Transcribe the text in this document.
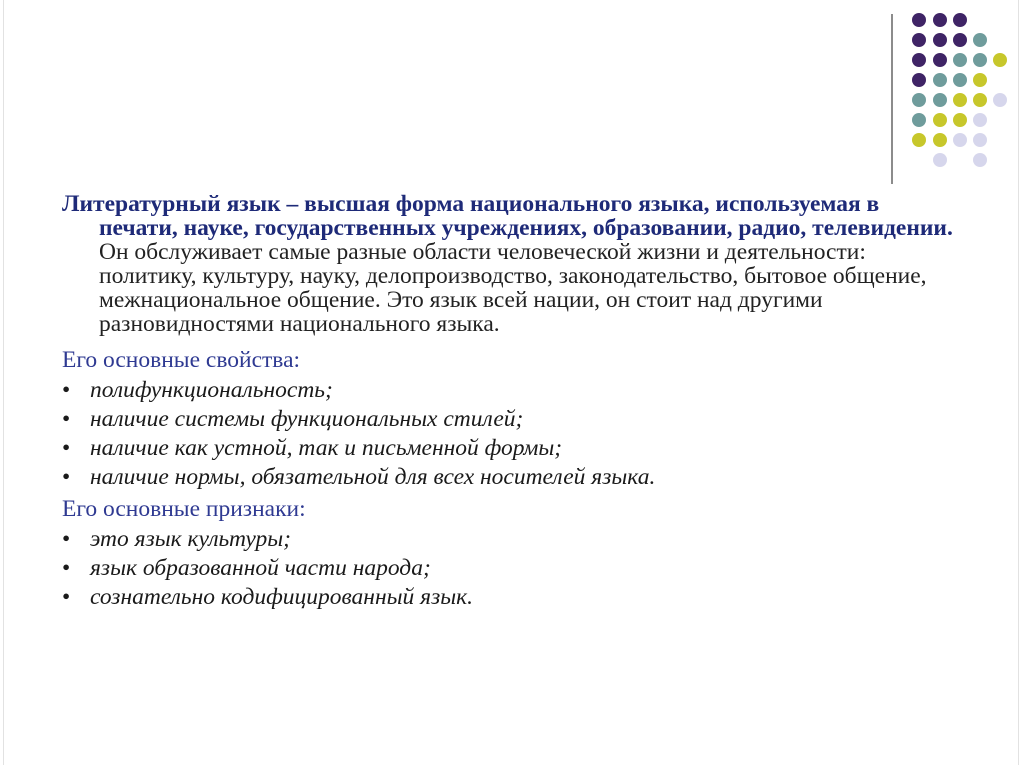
Литературный язык – высшая форма национального языка, используемая в печати, науке, государственных учреждениях, образовании, радио, телевидении. Он обслуживает самые разные области человеческой жизни и деятельности: политику, культуру, науку, делопроизводство, законодательство, бытовое общение, межнациональное общение. Это язык всей нации, он стоит над другими разновидностями национального языка.

Его основные свойства:

• полифункциональность;
• наличие системы функциональных стилей;
• наличие как устной, так и письменной формы;
• наличие нормы, обязательной для всех носителей языка.

Его основные признаки:

• это язык культуры;
• язык образованной части народа;
• сознательно кодифицированный язык.
